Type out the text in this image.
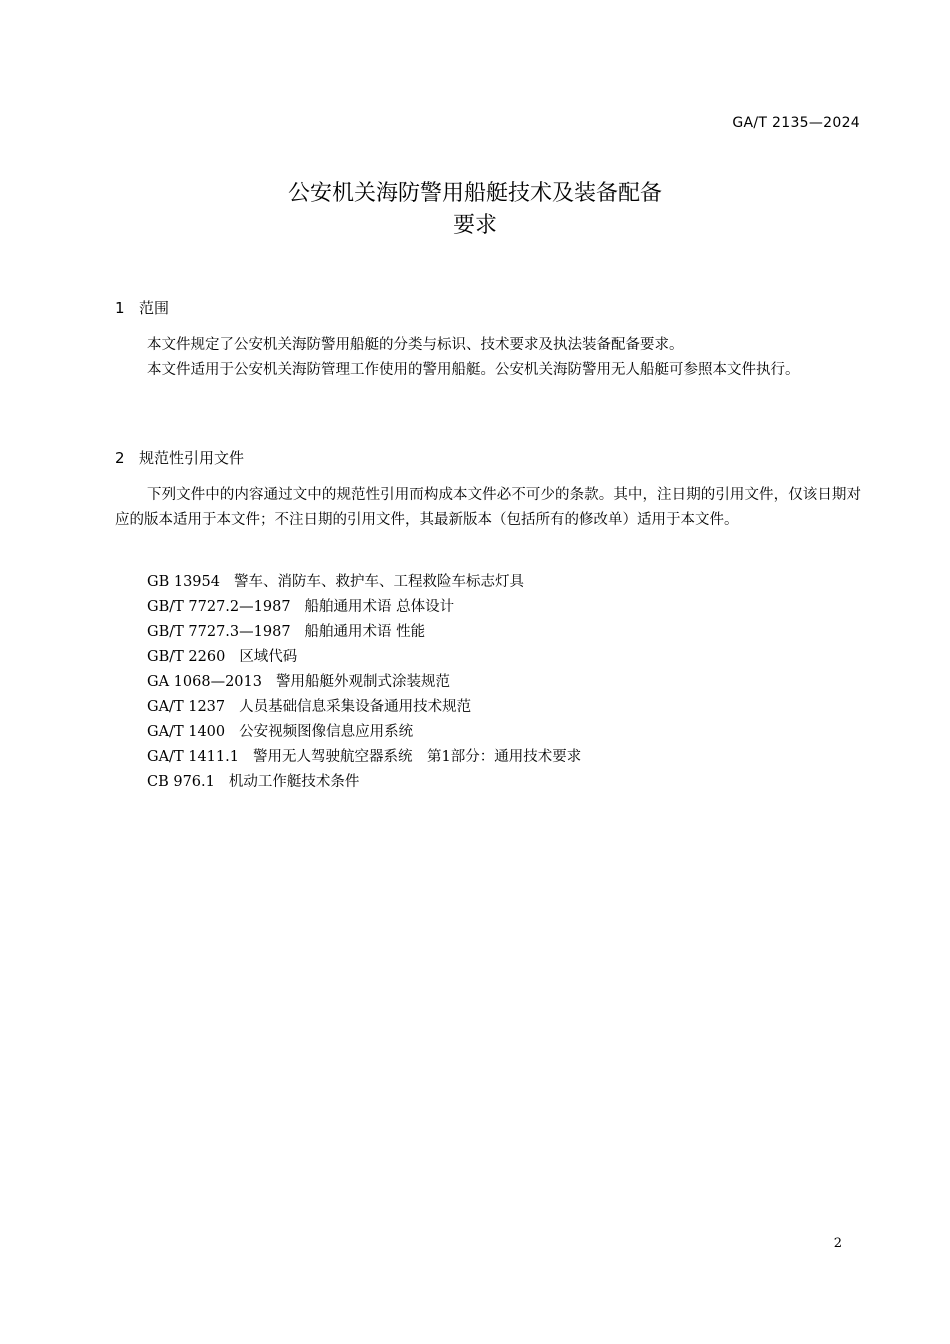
GA/T 2135—2024
公安机关海防警用船艇技术及装备配备
要求
1 范围

本文件规定了公安机关海防警用船艇的分类与标识、技术要求及执法装备配备要求。

本文件适用于公安机关海防管理工作使用的警用船艇。公安机关海防警用无人船艇可参照本文件执行。

2 规范性引用文件

下列文件中的内容通过文中的规范性引用而构成本文件必不可少的条款。其中，注日期的引用文件，仅该日期对应的版本适用于本文件；不注日期的引用文件，其最新版本（包括所有的修改单）适用于本文件。

GB 13954 警车、消防车、救护车、工程救险车标志灯具
GB/T 7727.2—1987 船舶通用术语 总体设计
GB/T 7727.3—1987 船舶通用术语 性能
GB/T 2260 区域代码
GA 1068—2013 警用船艇外观制式涂装规范
GA/T 1237 人员基础信息采集设备通用技术规范
GA/T 1400 公安视频图像信息应用系统
GA/T 1411.1 警用无人驾驶航空器系统　第1部分：通用技术要求
CB 976.1 机动工作艇技术条件
2
